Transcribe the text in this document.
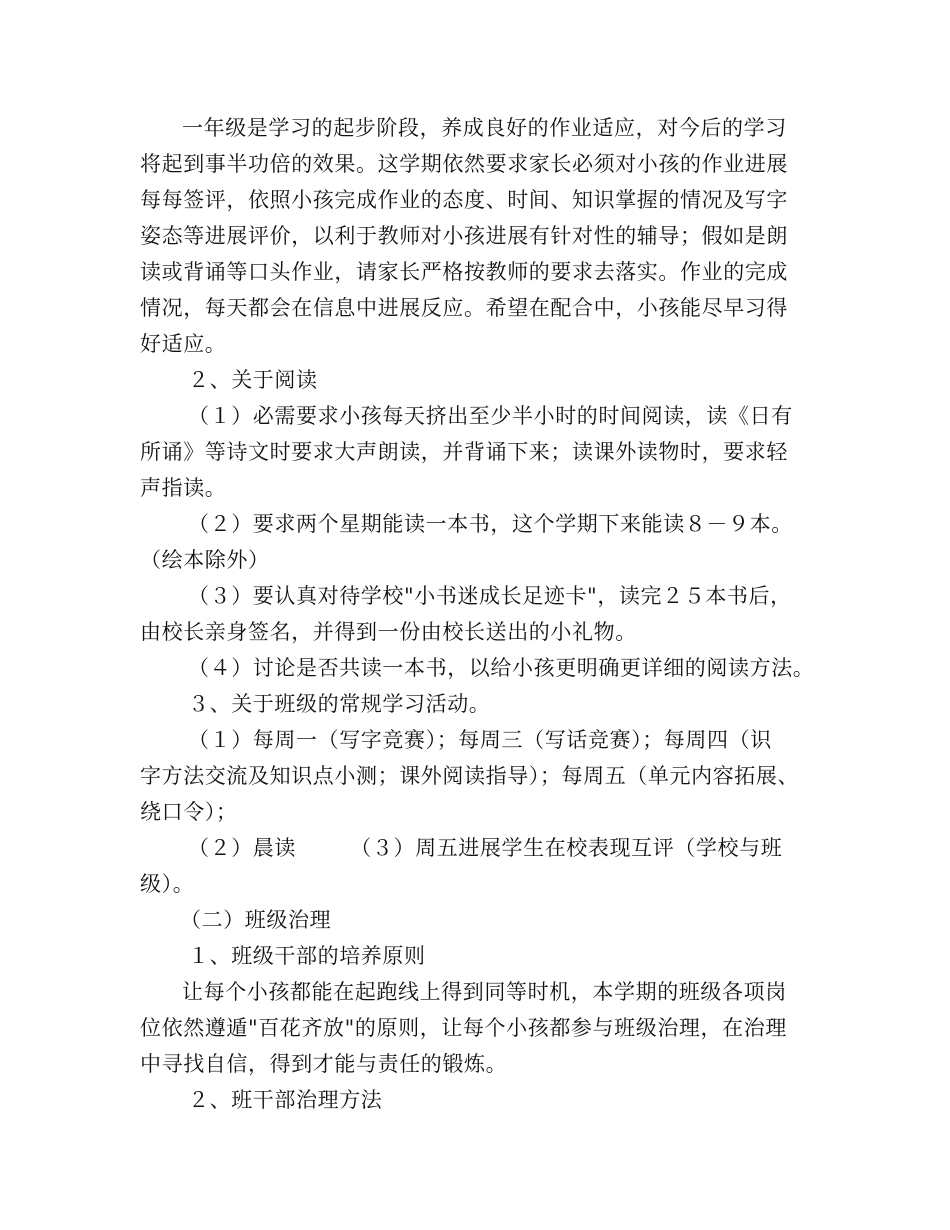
一年级是学习的起步阶段，养成良好的作业适应，对今后的学习
将起到事半功倍的效果。这学期依然要求家长必须对小孩的作业进展
每每签评，依照小孩完成作业的态度、时间、知识掌握的情况及写字
姿态等进展评价，以利于教师对小孩进展有针对性的辅导；假如是朗
读或背诵等口头作业，请家长严格按教师的要求去落实。作业的完成
情况，每天都会在信息中进展反应。希望在配合中，小孩能尽早习得
好适应。
２、关于阅读
（１）必需要求小孩每天挤出至少半小时的时间阅读，读《日有
所诵》等诗文时要求大声朗读，并背诵下来；读课外读物时，要求轻
声指读。
（２）要求两个星期能读一本书，这个学期下来能读８－９本。
（绘本除外）
（３）要认真对待学校"小书迷成长足迹卡"，读完２５本书后，
由校长亲身签名，并得到一份由校长送出的小礼物。
（４）讨论是否共读一本书，以给小孩更明确更详细的阅读方法。
３、关于班级的常规学习活动。
（１）每周一（写字竞赛）；每周三（写话竞赛）；每周四（识
字方法交流及知识点小测；课外阅读指导）；每周五（单元内容拓展、
绕口令）；
（２）晨读　　　（３）周五进展学生在校表现互评（学校与班
级）。
（二）班级治理
１、班级干部的培养原则
让每个小孩都能在起跑线上得到同等时机，本学期的班级各项岗
位依然遵遁"百花齐放"的原则，让每个小孩都参与班级治理，在治理
中寻找自信，得到才能与责任的锻炼。
２、班干部治理方法
